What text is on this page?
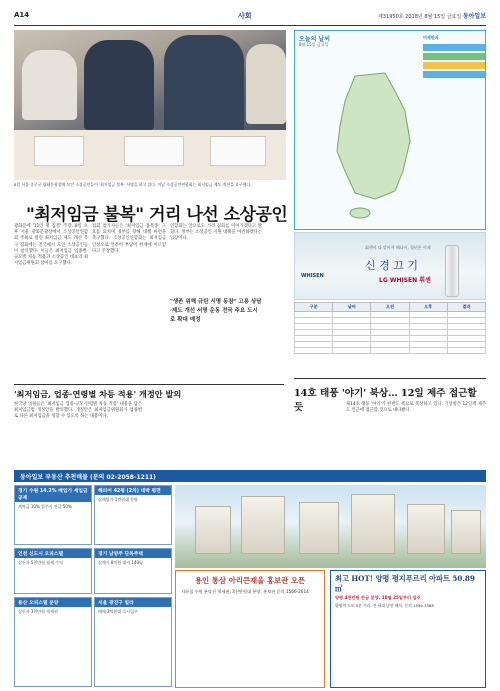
A14	사회	제31950호 2018년 8월 15일 금요일 동아일보
8일 서울 종로구 광화문광장에 모인 소상공인들이 '최저임금 불복' 서명을 하고 있다. 이날 소상공인연합회는 최저임금 제도 개선을 요구했다.
"최저임금 불복" 거리 나선 소상공인
광화문에 '11만 명 집결' 주장. 8일 오후 서울 광화문광장에서 소상공인연합회 주최로 열린 최저임금 제도 개선 촉구 집회에는 전국에서 모인 소상공인들이 참석했다. 이들은 최저임금 업종별·규모별 차등 적용과 소상공인 대표의 최저임금위원회 참여를 요구했다.
집회 참가자들은 '최저임금 불복종' 구호를 외치며 정부를 향해 대책 마련을 촉구했다. 소상공인연합회는 최저임금 인상으로 인건비 부담이 한계에 이르렀다고 주장했다.
연합회는 앞으로도 거리 집회를 이어가겠다고 밝혔다. 정부는 소상공인 지원 대책을 마련하겠다는 입장이다.
"생존 위해 규탄 서명 동참" 고용 상담·제도 개선 서명 운동 전국 주요 도시로 확대 예정
'최저임금, 업종·연령별 차등 적용' 개정안 발의
한국당 의원들은 '최저임금 업종·규모·연령별 차등 적용' 내용을 담은 최저임금법 개정안을 발의했다. 개정안은 최저임금위원회가 업종별로 다른 최저임금을 정할 수 있도록 하는 내용이다.
오늘의 날씨
8월 15일 금요일
미세먼지
휘센이 다 알아서 해나서, 청년은 이제
신 경 끄 기
WHISEN
LG WHISEN 휘센
구분	날씨	오전	오후	결과

14호 태풍 '야기' 북상… 12일 제주 접근할 듯	제14호 태풍 '야기'가 한반도 쪽으로 북상하고 있다. 기상청은 12일께 제주도 인근에 접근할 것으로 내다봤다.
동아일보 부동산 추천매물 (문의 02-2058-1211)
경기 수원 14.2% 매입가 세입금 공제
계약금 10% 입주시 잔금 50%
해피어 42평 (2차) 대박 평면
실매입가 1억원대 분양
인천 신도시 오피스텔
실투자 5천만원 월세 수익
경기 남양주 단독주택
실매가 8억원 대지 140평
용산 오피스텔 분양
실투자 3천만원 역세권
서울 광진구 빌라
매매 2억원대 즉시입주
용인 통삼 아리큰재울 홍보관 오픈
지하철 수원 분당선 역세권, 3천만원대 분양. 홍보관 문의 1566-2614
최고 HOT! 양평 평지푸르리 아파트 50.89㎡
양평 4천만원 잔금 분양, 10월 25일부터 입주
양평역 도보 5분 거리, 전 세대 남향 배치. 문의 1599-3368
